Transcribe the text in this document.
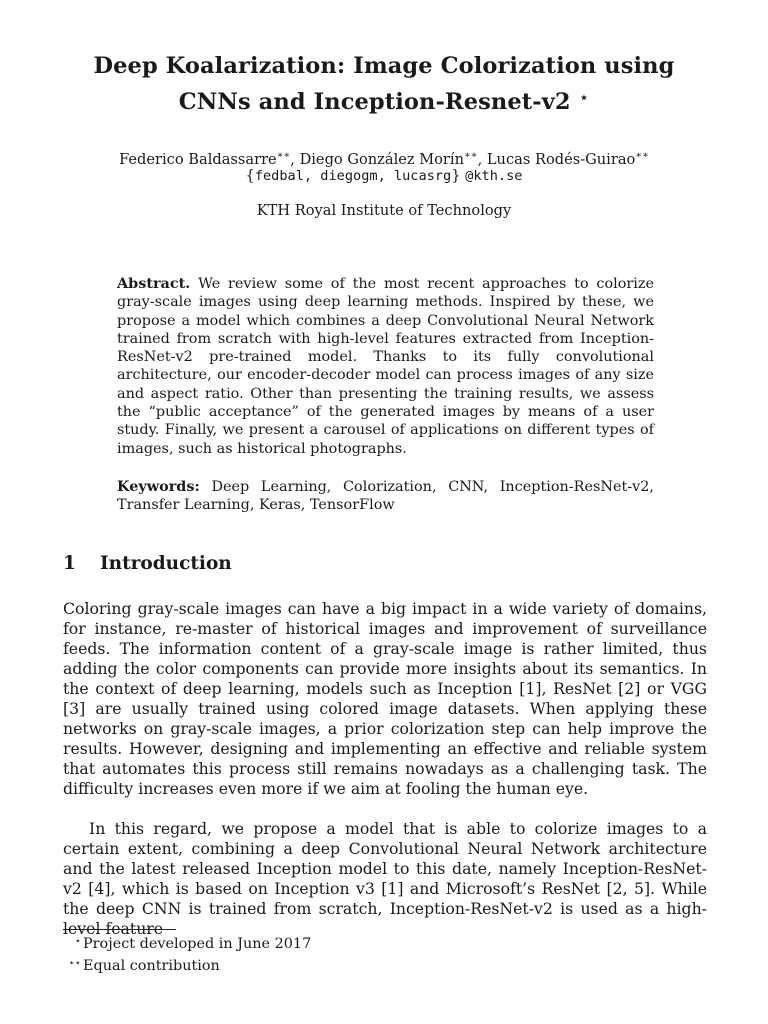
Deep Koalarization: Image Colorization using
CNNs and Inception-Resnet-v2 ⋆
Federico Baldassarre∗∗, Diego González Morín∗∗, Lucas Rodés-Guirao∗∗
{fedbal, diegogm, lucasrg} @kth.se
KTH Royal Institute of Technology
Abstract. We review some of the most recent approaches to colorize gray-scale images using deep learning methods. Inspired by these, we propose a model which combines a deep Convolutional Neural Network trained from scratch with high-level features extracted from Inception-ResNet-v2 pre-trained model. Thanks to its fully convolutional architecture, our encoder-decoder model can process images of any size and aspect ratio. Other than presenting the training results, we assess the “public acceptance” of the generated images by means of a user study. Finally, we present a carousel of applications on different types of images, such as historical photographs.
Keywords: Deep Learning, Colorization, CNN, Inception-ResNet-v2, Transfer Learning, Keras, TensorFlow
1 Introduction

Coloring gray-scale images can have a big impact in a wide variety of domains, for instance, re-master of historical images and improvement of surveillance feeds. The information content of a gray-scale image is rather limited, thus adding the color components can provide more insights about its semantics. In the context of deep learning, models such as Inception [1], ResNet [2] or VGG [3] are usually trained using colored image datasets. When applying these networks on gray-scale images, a prior colorization step can help improve the results. However, designing and implementing an effective and reliable system that automates this process still remains nowadays as a challenging task. The difficulty increases even more if we aim at fooling the human eye.

In this regard, we propose a model that is able to colorize images to a certain extent, combining a deep Convolutional Neural Network architecture and the latest released Inception model to this date, namely Inception-ResNet-v2 [4], which is based on Inception v3 [1] and Microsoft’s ResNet [2, 5]. While the deep CNN is trained from scratch, Inception-ResNet-v2 is used as a high-level feature

⋆ Project developed in June 2017
⋆⋆ Equal contribution
